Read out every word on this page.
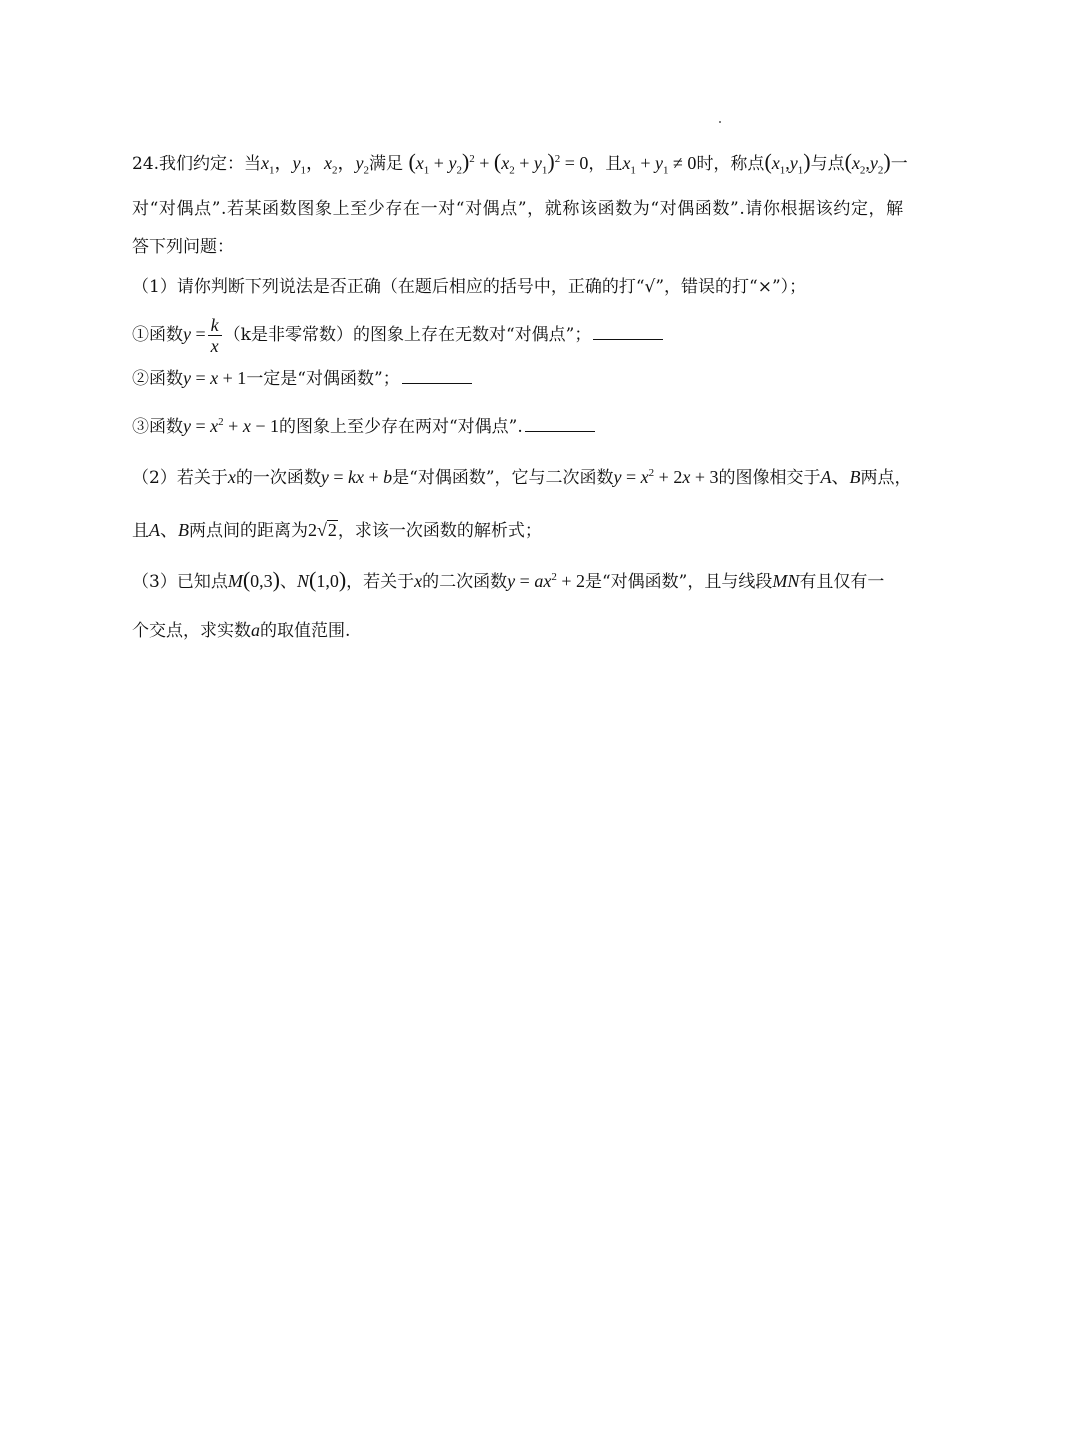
24.我们约定：当$x_1$，$y_1$，$x_2$，$y_2$满足 $(x_1 + y_2)^2 + (x_2 + y_1)^2 = 0$，且$x_1 + y_1 \ne 0$时，称点$(x_1,y_1)$与点$(x_2,y_2)$一
对“对偶点”.若某函数图象上至少存在一对“对偶点”，就称该函数为“对偶函数”.请你根据该约定，解
答下列问题：
（1）请你判断下列说法是否正确（在题后相应的括号中，正确的打“√”，错误的打“×”）；
①函数$y = \frac{k}{x} (k$是非零常数）的图象上存在无数对“对偶点”；
②函数y = x + 1一定是“对偶函数”；
③函数$y = x^2 + x - 1$的图象上至少存在两对“对偶点”.
（2）若关于x的一次函数y = kx + b是“对偶函数”，它与二次函数$y = x^2 + 2x + 3$的图像相交于A、B两点，
且A、B两点间的距离为2√2，求该一次函数的解析式；
（3）已知点M(0,3)、N(1,0)，若关于x的二次函数$y = ax^2 + 2$是“对偶函数”，且与线段MN有且仅有一
个交点，求实数a的取值范围.
